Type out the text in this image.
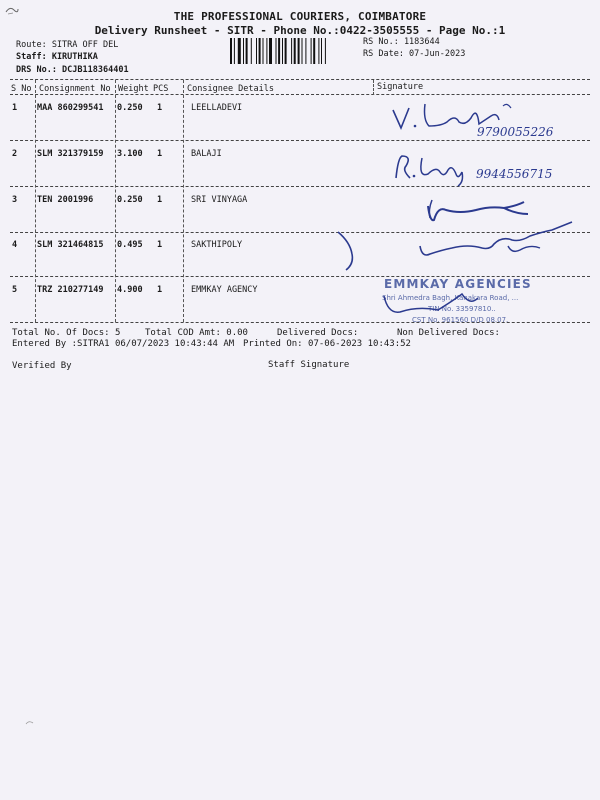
THE PROFESSIONAL COURIERS, COIMBATORE
Delivery Runsheet - SITR - Phone No.:0422-3505555 - Page No.:1
Route: SITRA OFF DEL
Staff: KIRUTHIKA
DRS No.: DCJB118364401
RS No.: 1183644
RS Date: 07-Jun-2023
S No Consignment No Weight PCS Consignee Details	Signature
1 MAA 860299541 0.250 1	LEELLADEVI
2 SLM 321379159 3.100 1	BALAJI
3 TEN 2001996	0.250 1	SRI VINYAGA
4 SLM 321464815 0.495 1	SAKTHIPOLY
5 TRZ 210277149 4.900 1	EMMKAY AGENCY
9790055226
9944556715
EMMKAY AGENCIES
Shri Ahmedra Bagh, Kanakara Road, ...
TIN No. 33597810..
CST No. 961560 D/D 08.07.
Total No. Of Docs: 5	Total COD Amt: 0.00	Delivered Docs:	Non Delivered Docs:
Entered By :SITRA1 06/07/2023 10:43:44 AM Printed On: 07-06-2023 10:43:52
Verified By	Staff Signature
